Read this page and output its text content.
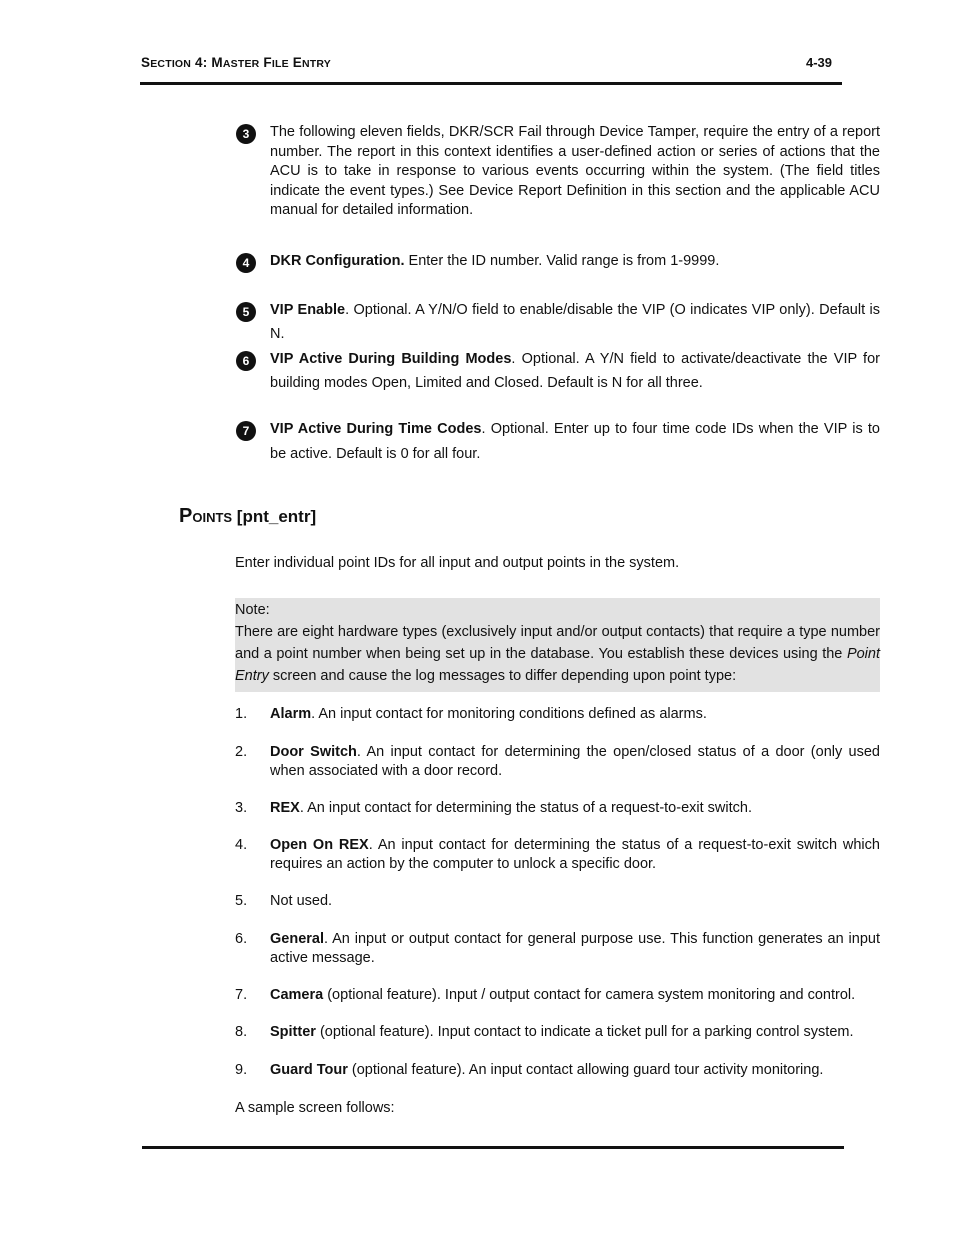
SECTION 4: MASTER FILE ENTRY	4-39
3	The following eleven fields, DKR/SCR Fail through Device Tamper, require the entry of a report number. The report in this context identifies a user-defined action or series of actions that the ACU is to take in response to various events occurring within the system. (The field titles indicate the event types.) See Device Report Definition in this section and the applicable ACU manual for detailed information.
4	DKR Configuration. Enter the ID number. Valid range is from 1-9999.
5	VIP Enable. Optional. A Y/N/O field to enable/disable the VIP (O indicates VIP only). Default is N.
6	VIP Active During Building Modes. Optional. A Y/N field to activate/deactivate the VIP for building modes Open, Limited and Closed. Default is N for all three.
7	VIP Active During Time Codes. Optional. Enter up to four time code IDs when the VIP is to be active. Default is 0 for all four.
POINTS [pnt_entr]
Enter individual point IDs for all input and output points in the system.
Note:
There are eight hardware types (exclusively input and/or output contacts) that require a type number and a point number when being set up in the database. You establish these devices using the Point Entry screen and cause the log messages to differ depending upon point type:
1. Alarm. An input contact for monitoring conditions defined as alarms.
2. Door Switch. An input contact for determining the open/closed status of a door (only used when associated with a door record.
3. REX. An input contact for determining the status of a request-to-exit switch.
4. Open On REX. An input contact for determining the status of a request-to-exit switch which requires an action by the computer to unlock a specific door.
5. Not used.
6. General. An input or output contact for general purpose use. This function generates an input active message.
7. Camera (optional feature). Input / output contact for camera system monitoring and control.
8. Spitter (optional feature). Input contact to indicate a ticket pull for a parking control system.
9. Guard Tour (optional feature). An input contact allowing guard tour activity monitoring.
A sample screen follows:
